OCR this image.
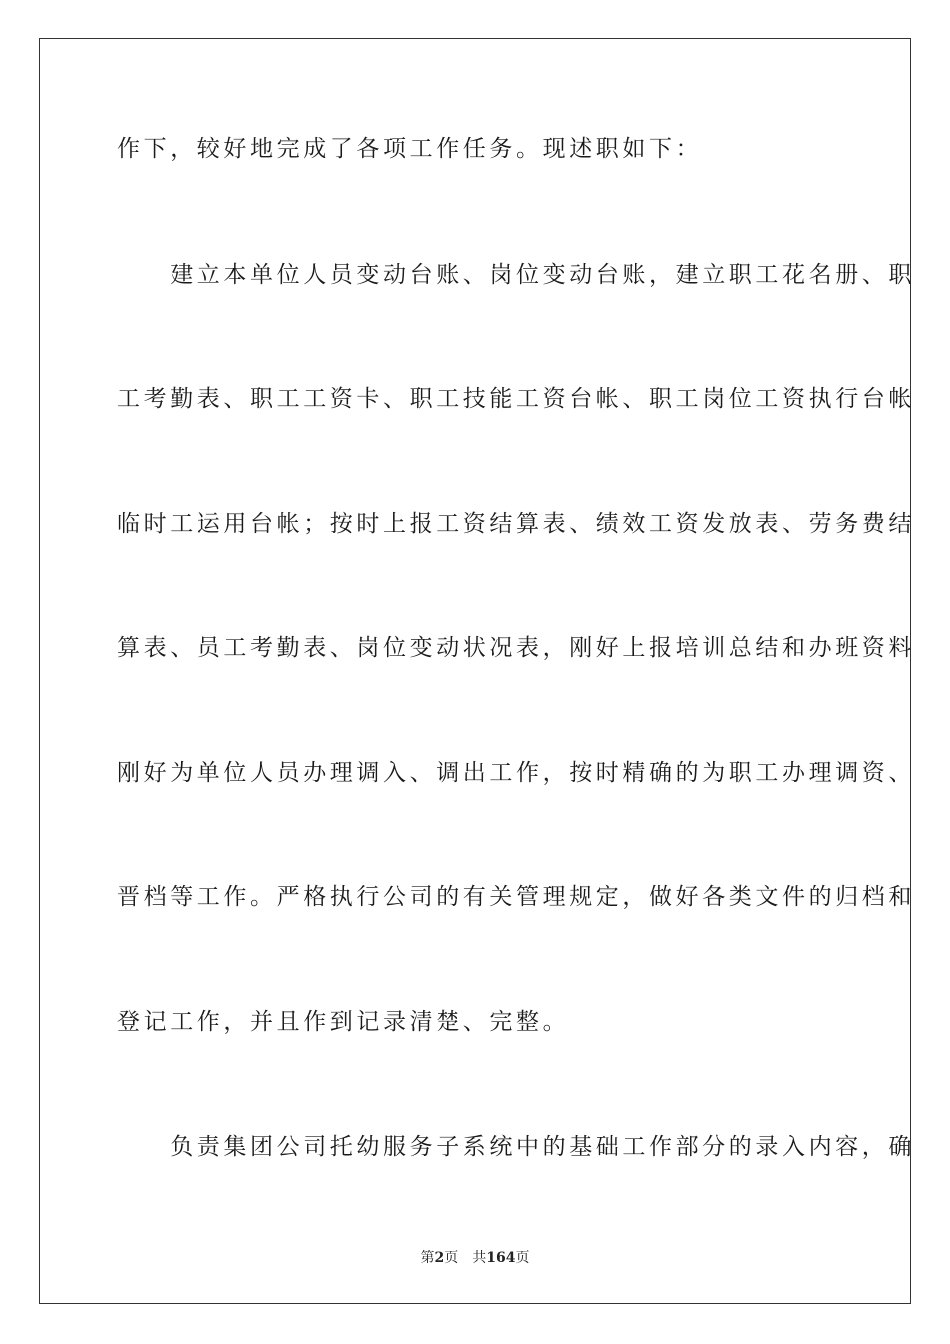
作下，较好地完成了各项工作任务。现述职如下：
　　建立本单位人员变动台账、岗位变动台账，建立职工花名册、职
工考勤表、职工工资卡、职工技能工资台帐、职工岗位工资执行台帐
临时工运用台帐；按时上报工资结算表、绩效工资发放表、劳务费结
算表、员工考勤表、岗位变动状况表，刚好上报培训总结和办班资料
刚好为单位人员办理调入、调出工作，按时精确的为职工办理调资、
晋档等工作。严格执行公司的有关管理规定，做好各类文件的归档和
登记工作，并且作到记录清楚、完整。
　　负责集团公司托幼服务子系统中的基础工作部分的录入内容，确
第2页 共164页
